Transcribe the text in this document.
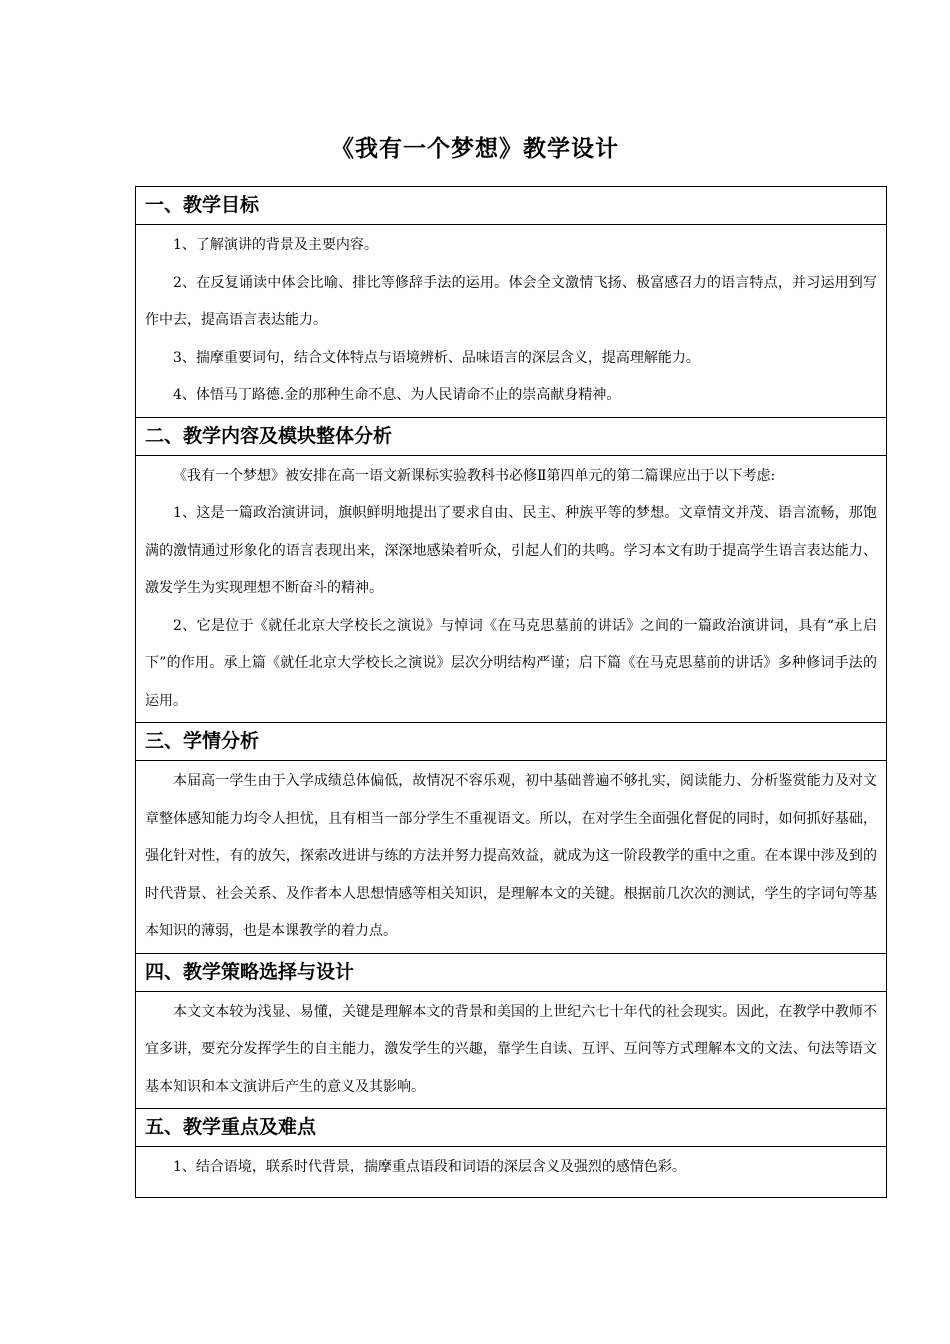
《我有一个梦想》教学设计
一、教学目标

1、了解演讲的背景及主要内容。

2、在反复诵读中体会比喻、排比等修辞手法的运用。体会全文激情飞扬、极富感召力的语言特点，并习运用到写作中去，提高语言表达能力。

3、揣摩重要词句，结合文体特点与语境辨析、品味语言的深层含义，提高理解能力。

4、体悟马丁路德.金的那种生命不息、为人民请命不止的崇高献身精神。

二、教学内容及模块整体分析

《我有一个梦想》被安排在高一语文新课标实验教科书必修Ⅱ第四单元的第二篇课应出于以下考虑:

1、这是一篇政治演讲词，旗帜鲜明地提出了要求自由、民主、种族平等的梦想。文章情文并茂、语言流畅，那饱满的激情通过形象化的语言表现出来，深深地感染着听众，引起人们的共鸣。学习本文有助于提高学生语言表达能力、激发学生为实现理想不断奋斗的精神。

2、它是位于《就任北京大学校长之演说》与悼词《在马克思墓前的讲话》之间的一篇政治演讲词，具有“承上启下”的作用。承上篇《就任北京大学校长之演说》层次分明结构严谨；启下篇《在马克思墓前的讲话》多种修词手法的运用。

三、学情分析

本届高一学生由于入学成绩总体偏低，故情况不容乐观，初中基础普遍不够扎实，阅读能力、分析鉴赏能力及对文章整体感知能力均令人担忧，且有相当一部分学生不重视语文。所以，在对学生全面强化督促的同时，如何抓好基础，强化针对性，有的放矢，探索改进讲与练的方法并努力提高效益，就成为这一阶段教学的重中之重。在本课中涉及到的时代背景、社会关系、及作者本人思想情感等相关知识，是理解本文的关键。根据前几次次的测试，学生的字词句等基本知识的薄弱，也是本课教学的着力点。

四、教学策略选择与设计

本文文本较为浅显、易懂，关键是理解本文的背景和美国的上世纪六七十年代的社会现实。因此，在教学中教师不宜多讲，要充分发挥学生的自主能力，激发学生的兴趣，靠学生自读、互评、互问等方式理解本文的文法、句法等语文基本知识和本文演讲后产生的意义及其影响。

五、教学重点及难点

1、结合语境，联系时代背景，揣摩重点语段和词语的深层含义及强烈的感情色彩。
